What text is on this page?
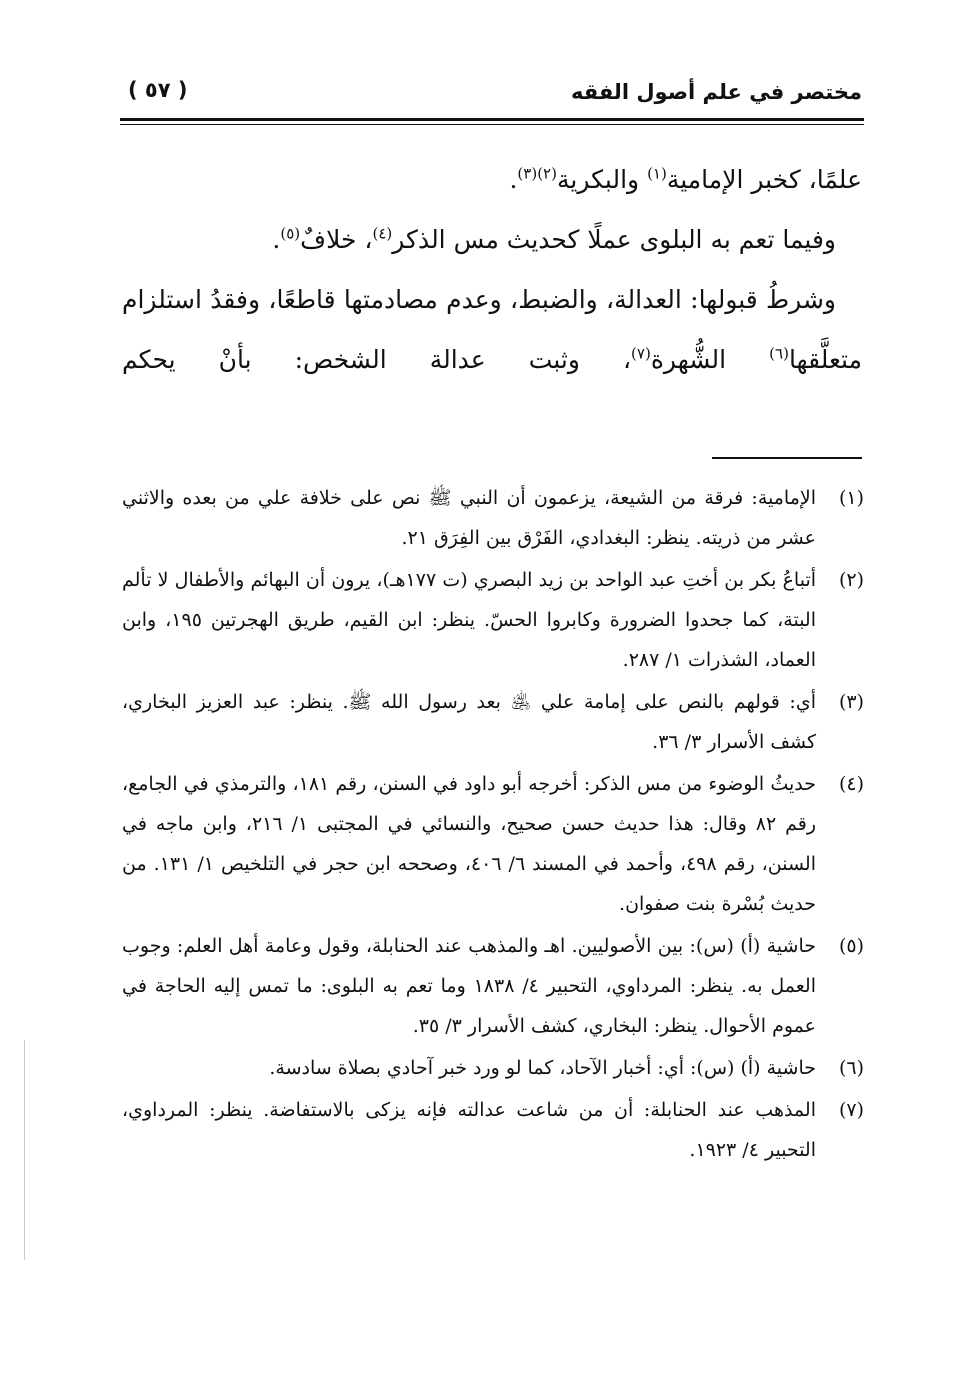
مختصر في علم أصول الفقه
( ٥٧ )

علمًا، كخبر الإمامية$^{(١)}$ والبكرية$^{(٢)(٣)}$.

وفيما تعم به البلوى عملًا كحديث مس الذكر$^{(٤)}$، خلافٌ$^{(٥)}$.

وشرطُ قبولها: العدالة، والضبط، وعدم مصادمتها قاطعًا، وفقدُ استلزام متعلَّقها$^{(٦)}$ الشُّهرة$^{(٧)}$، وثبت عدالة الشخص: بأنْ يحكم

(١)
الإمامية: فرقة من الشيعة، يزعمون أن النبي ﷺ نص على خلافة علي من بعده والاثني عشر من ذريته. ينظر: البغدادي، الفَرْق بين الفِرَق ٢١.
(٢)
أتباعُ بكر بن أختِ عبد الواحد بن زيد البصري (ت ١٧٧هـ)، يرون أن البهائم والأطفال لا تألم البتة، كما جحدوا الضرورة وكابروا الحسّ. ينظر: ابن القيم، طريق الهجرتين ١٩٥، وابن العماد، الشذرات ١/ ٢٨٧.
(٣)
أي: قولهم بالنص على إمامة علي ﵁ بعد رسول الله ﷺ. ينظر: عبد العزيز البخاري، كشف الأسرار ٣/ ٣٦.
(٤)
حديثُ الوضوء من مس الذكر: أخرجه أبو داود في السنن، رقم ١٨١، والترمذي في الجامع، رقم ٨٢ وقال: هذا حديث حسن صحيح، والنسائي في المجتبى ١/ ٢١٦، وابن ماجه في السنن، رقم ٤٩٨، وأحمد في المسند ٦/ ٤٠٦، وصححه ابن حجر في التلخيص ١/ ١٣١. من حديث بُسْرة بنت صفوان.
(٥)
حاشية (أ) (س): بين الأصوليين. اهـ والمذهب عند الحنابلة، وقول وعامة أهل العلم: وجوب العمل به. ينظر: المرداوي، التحبير ٤/ ١٨٣٨ وما تعم به البلوى: ما تمس إليه الحاجة في عموم الأحوال. ينظر: البخاري، كشف الأسرار ٣/ ٣٥.
(٦)
حاشية (أ) (س): أي: أخبار الآحاد، كما لو ورد خبر آحادي بصلاة سادسة.
(٧)
المذهب عند الحنابلة: أن من شاعت عدالته فإنه يزكى بالاستفاضة. ينظر: المرداوي، التحبير ٤/ ١٩٢٣.
